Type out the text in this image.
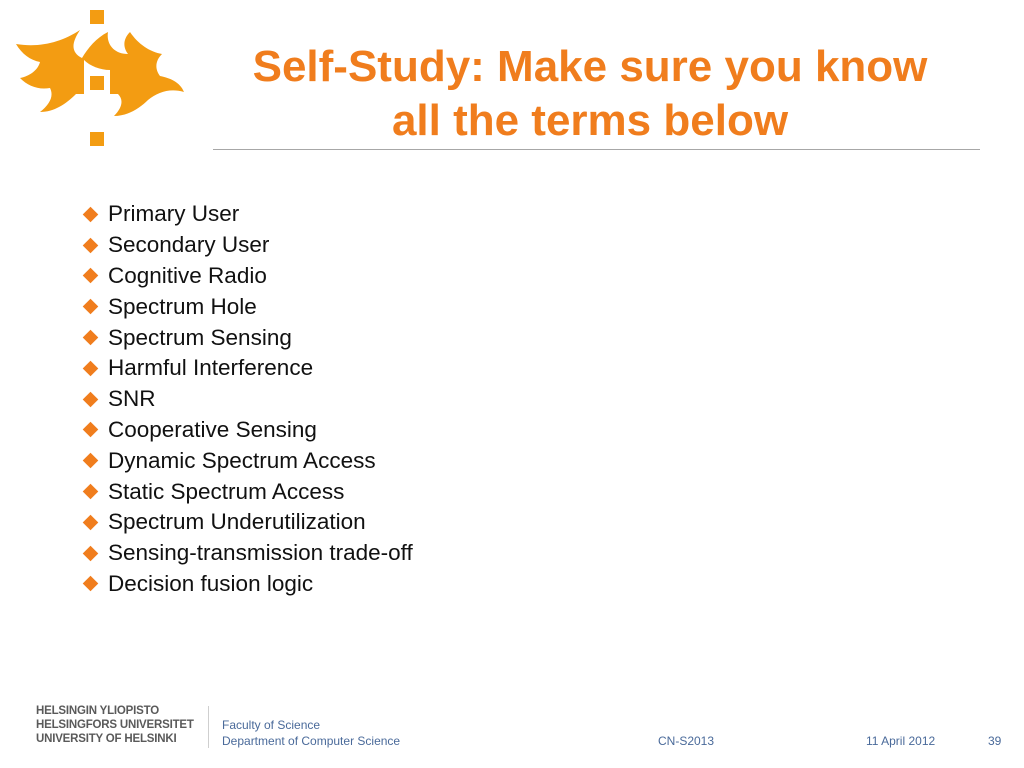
Self-Study: Make sure you know
all the terms below
Primary User
Secondary User
Cognitive Radio
Spectrum Hole
Spectrum Sensing
Harmful Interference
SNR
Cooperative Sensing
Dynamic Spectrum Access
Static Spectrum Access
Spectrum Underutilization
Sensing-transmission trade-off
Decision fusion logic
HELSINGIN YLIOPISTO
HELSINGFORS UNIVERSITET
UNIVERSITY OF HELSINKI
Faculty of Science
Department of Computer Science	CN-S2013	11 April 2012	39
